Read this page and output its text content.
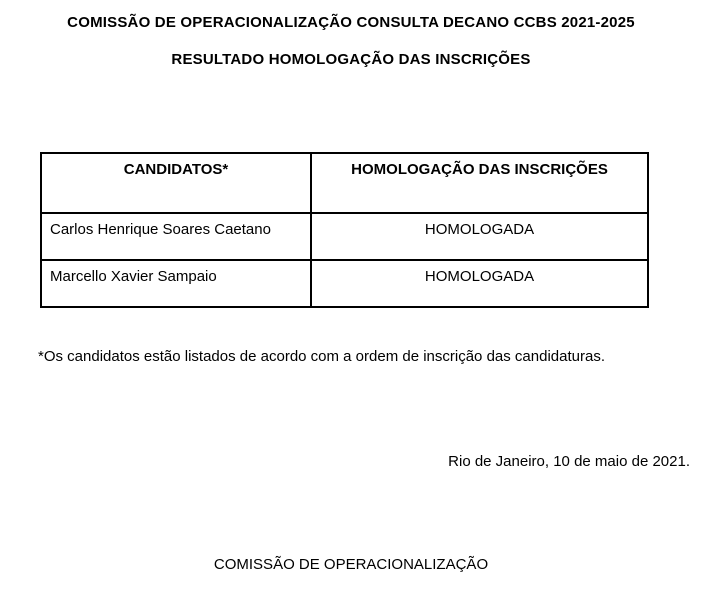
COMISSÃO DE OPERACIONALIZAÇÃO CONSULTA DECANO CCBS 2021-2025
RESULTADO HOMOLOGAÇÃO DAS INSCRIÇÕES
CANDIDATOS*	HOMOLOGAÇÃO DAS INSCRIÇÕES
Carlos Henrique Soares Caetano	HOMOLOGADA
Marcello Xavier Sampaio	HOMOLOGADA
*Os candidatos estão listados de acordo com a ordem de inscrição das candidaturas.
Rio de Janeiro, 10 de maio de 2021.
COMISSÃO DE OPERACIONALIZAÇÃO
